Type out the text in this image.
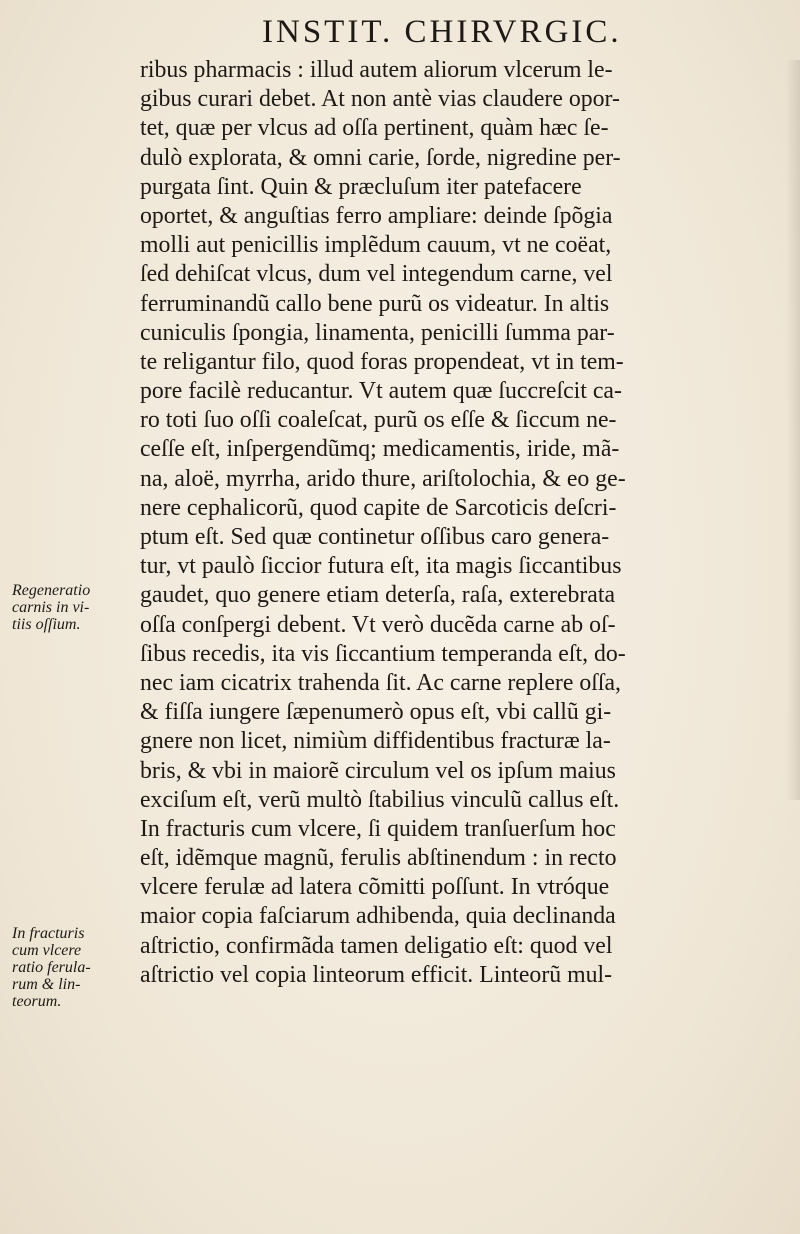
INSTIT. CHIRVRGIC.
ribus pharmacis : illud autem aliorum vlcerum le-
gibus curari debet. At non antè vias claudere opor-
tet, quæ per vlcus ad oſſa pertinent, quàm hæc ſe-
dulò explorata, & omni carie, ſorde, nigredine per-
purgata ſint. Quin & præcluſum iter patefacere
oportet, & anguſtias ferro ampliare: deinde ſpõgia
molli aut penicillis implẽdum cauum, vt ne coëat,
ſed dehiſcat vlcus, dum vel integendum carne, vel
ferruminandũ callo bene purũ os videatur. In altis
cuniculis ſpongia, linamenta, penicilli ſumma par-
te religantur filo, quod foras propendeat, vt in tem-
pore facilè reducantur. Vt autem quæ ſuccreſcit ca-
ro toti ſuo oſſi coaleſcat, purũ os eſſe & ſiccum ne-
ceſſe eſt, inſpergendũmq; medicamentis, iride, mã-
na, aloë, myrrha, arido thure, ariſtolochia, & eo ge-
nere cephalicorũ, quod capite de Sarcoticis deſcri-
ptum eſt. Sed quæ continetur oſſibus caro genera-
tur, vt paulò ſiccior futura eſt, ita magis ſiccantibus
gaudet, quo genere etiam deterſa, raſa, exterebrata
oſſa conſpergi debent. Vt verò ducẽda carne ab oſ-
ſibus recedis, ita vis ſiccantium temperanda eſt, do-
nec iam cicatrix trahenda ſit. Ac carne replere oſſa,
& fiſſa iungere ſæpenumerò opus eſt, vbi callũ gi-
gnere non licet, nimiùm diffidentibus fracturæ la-
bris, & vbi in maiorẽ circulum vel os ipſum maius
exciſum eſt, verũ multò ſtabilius vinculũ callus eſt.
In fracturis cum vlcere, ſi quidem tranſuerſum hoc
eſt, idẽmque magnũ, ferulis abſtinendum : in recto
vlcere ferulæ ad latera cõmitti poſſunt. In vtróque
maior copia faſciarum adhibenda, quia declinanda
aſtrictio, confirmãda tamen deligatio eſt: quod vel
aſtrictio vel copia linteorum efficit. Linteorũ mul-
Regeneratio
carnis in vi-
tiis oſſium.
In fracturis
cum vlcere
ratio ferula-
rum & lin-
teorum.
